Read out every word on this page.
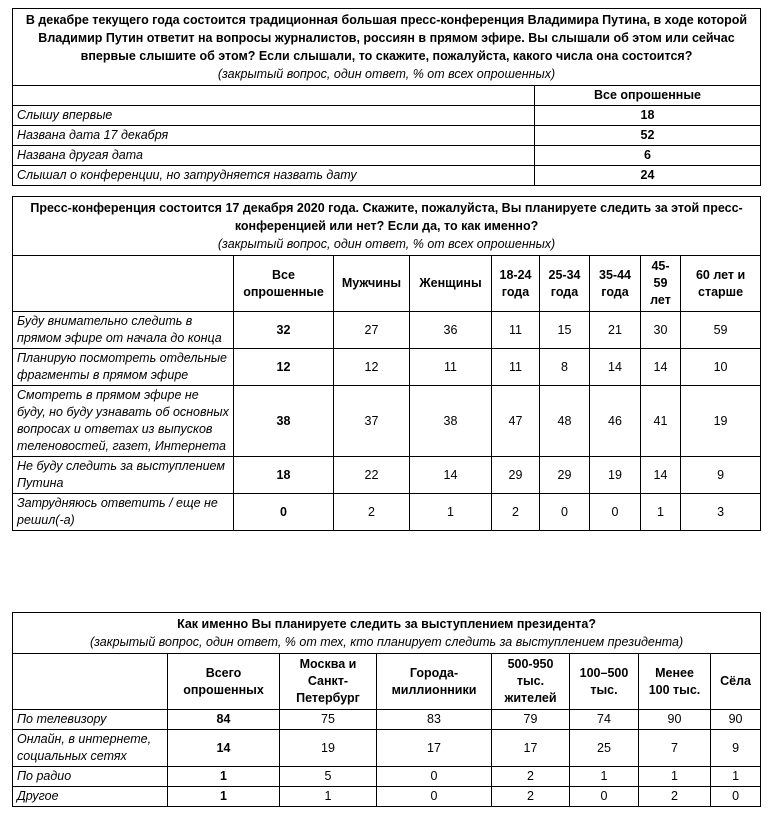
В декабре текущего года состоится традиционная большая пресс-конференция Владимира Путина, в ходе которой Владимир Путин ответит на вопросы журналистов, россиян в прямом эфире. Вы слышали об этом или сейчас впервые слышите об этом? Если слышали, то скажите, пожалуйста, какого числа она состоится?
(закрытый вопрос, один ответ, % от всех опрошенных)	

	Все опрошенные
Слышу впервые	18
Названа дата 17 декабря	52
Названа другая дата	6
Слышал о конференции, но затрудняется назвать дату	24
Пресс-конференция состоится 17 декабря 2020 года. Скажите, пожалуйста, Вы планируете следить за этой пресс-конференцией или нет? Если да, то как именно?
(закрытый вопрос, один ответ, % от всех опрошенных)								

	Все опрошенные	Мужчины	Женщины	18-24 года	25-34 года	35-44 года	45-59 лет	60 лет и старше
Буду внимательно следить в прямом эфире от начала до конца	32	27	36	11	15	21	30	59
Планирую посмотреть отдельные фрагменты в прямом эфире	12	12	11	11	8	14	14	10
Смотреть в прямом эфире не буду, но буду узнавать об основных вопросах и ответах из выпусков теленовостей, газет, Интернета	38	37	38	47	48	46	41	19
Не буду следить за выступлением Путина	18	22	14	29	29	19	14	9
Затрудняюсь ответить / еще не решил(-а)	0	2	1	2	0	0	1	3
Как именно Вы планируете следить за выступлением президента?
(закрытый вопрос, один ответ, % от тех, кто планирует следить за выступлением президента)							

	Всего опрошенных	Москва и Санкт-Петербург	Города-миллионники	500-950 тыс. жителей	100–500 тыс.	Менее 100 тыс.	Сёла
По телевизору	84	75	83	79	74	90	90
Онлайн, в интернете, социальных сетях	14	19	17	17	25	7	9
По радио	1	5	0	2	1	1	1
Другое	1	1	0	2	0	2	0
